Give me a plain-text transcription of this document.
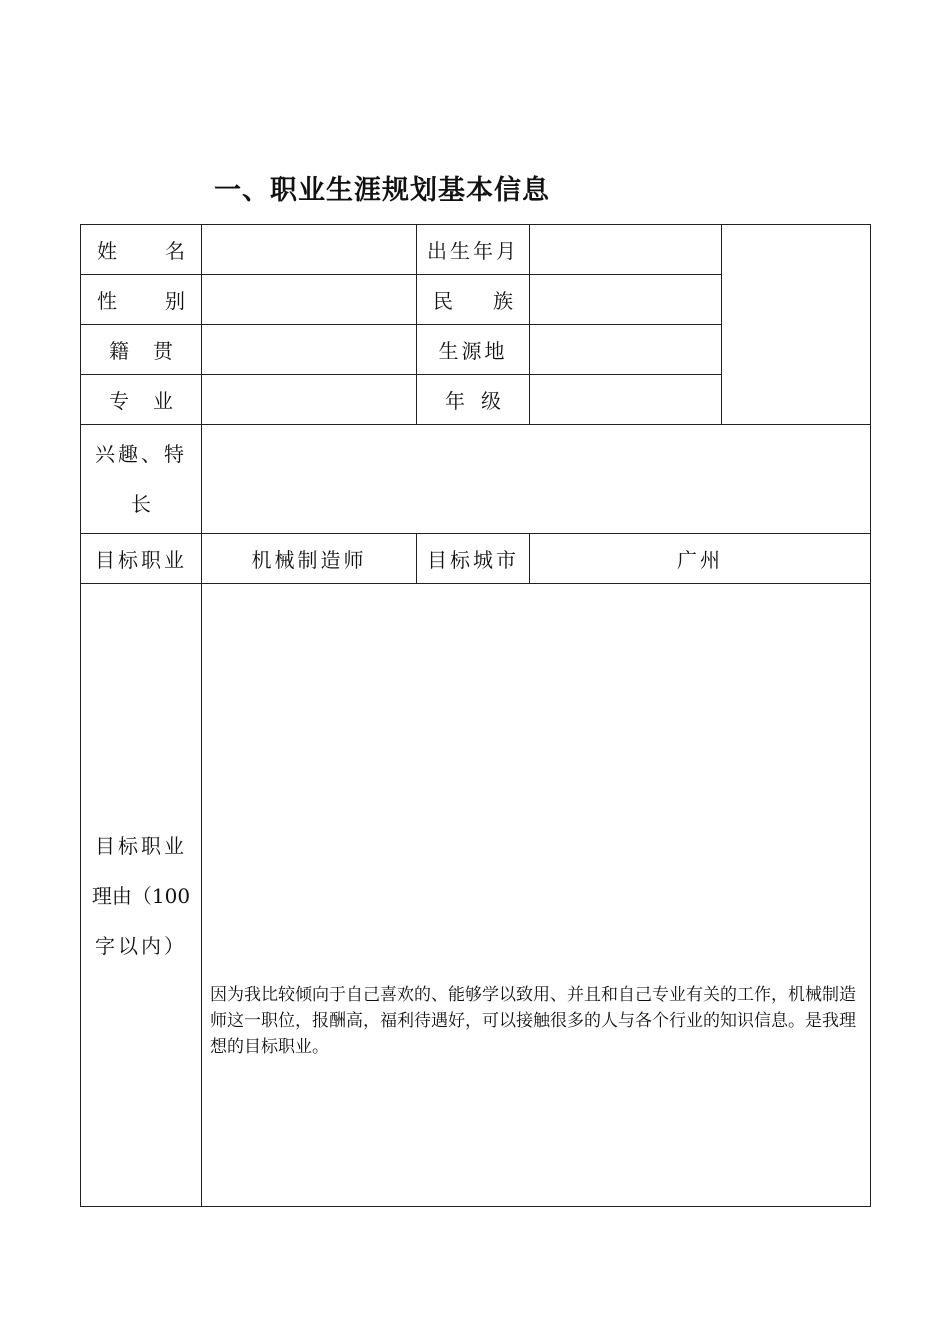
一、职业生涯规划基本信息
姓 名		出生年月		

性 别		民 族		

籍 贯		生源地		

专 业		年 级		

兴趣、特
长				

目标职业	机械制造师	目标城市	广州	

目标职业
理由（100
字以内）	因为我比较倾向于自己喜欢的、能够学以致用、并且和自己专业有关的工作，机械制造师这一职位，报酬高，福利待遇好，可以接触很多的人与各个行业的知识信息。是我理想的目标职业。			
